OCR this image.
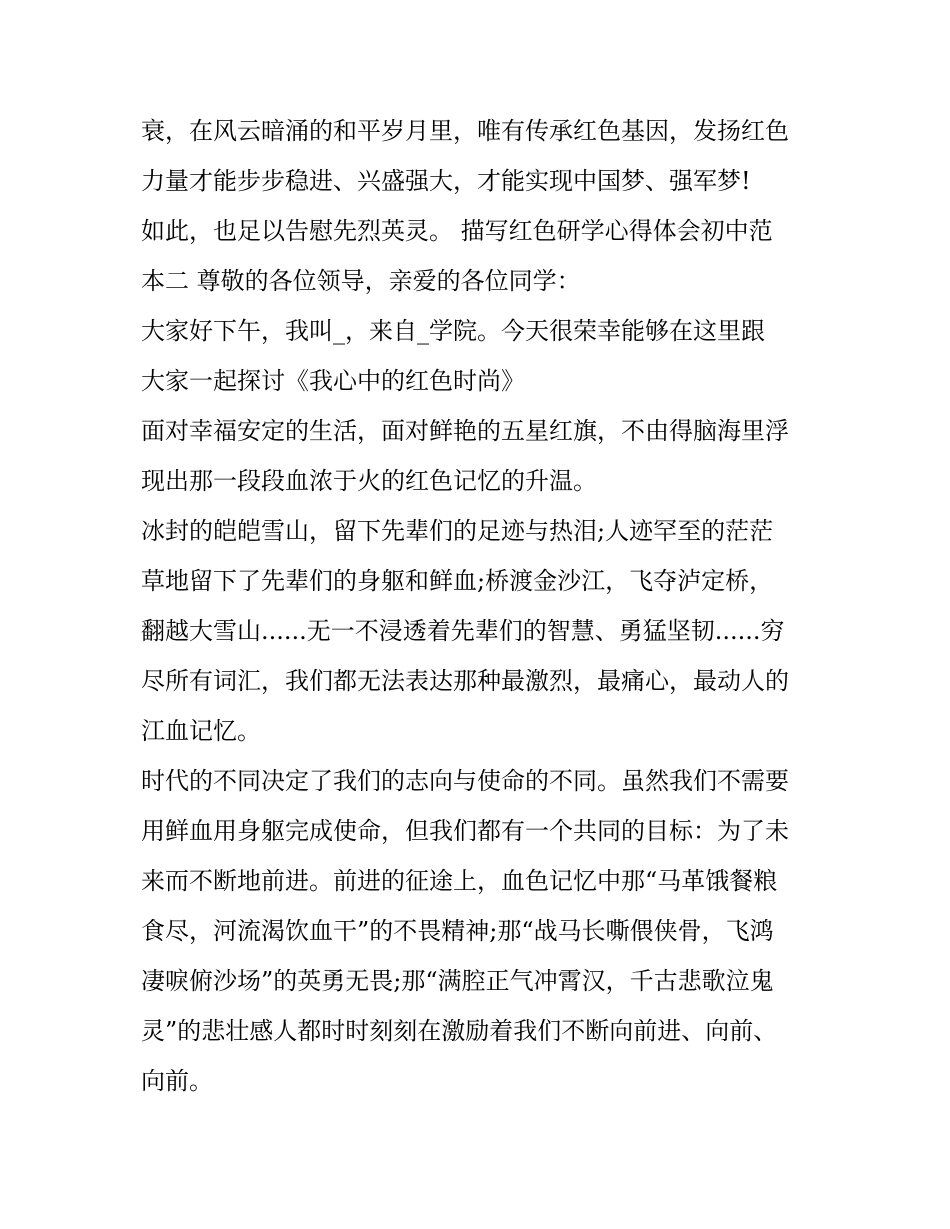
衰，在风云暗涌的和平岁月里，唯有传承红色基因，发扬红色
力量才能步步稳进、兴盛强大，才能实现中国梦、强军梦!

如此，也足以告慰先烈英灵。 描写红色研学心得体会初中范
本二 尊敬的各位领导，亲爱的各位同学：

大家好下午，我叫_，来自_学院。今天很荣幸能够在这里跟
大家一起探讨《我心中的红色时尚》

面对幸福安定的生活，面对鲜艳的五星红旗，不由得脑海里浮
现出那一段段血浓于火的红色记忆的升温。

冰封的皑皑雪山，留下先辈们的足迹与热泪;人迹罕至的茫茫
草地留下了先辈们的身躯和鲜血;桥渡金沙江，飞夺泸定桥，
翻越大雪山......无一不浸透着先辈们的智慧、勇猛坚韧......穷
尽所有词汇，我们都无法表达那种最激烈，最痛心，最动人的
江血记忆。

时代的不同决定了我们的志向与使命的不同。虽然我们不需要
用鲜血用身躯完成使命，但我们都有一个共同的目标：为了未
来而不断地前进。前进的征途上，血色记忆中那“马革饿餐粮
食尽，河流渴饮血干”的不畏精神;那“战马长嘶偎侠骨，飞鸿
凄唳俯沙场”的英勇无畏;那“满腔正气冲霄汉，千古悲歌泣鬼
灵”的悲壮感人都时时刻刻在激励着我们不断向前进、向前、
向前。
